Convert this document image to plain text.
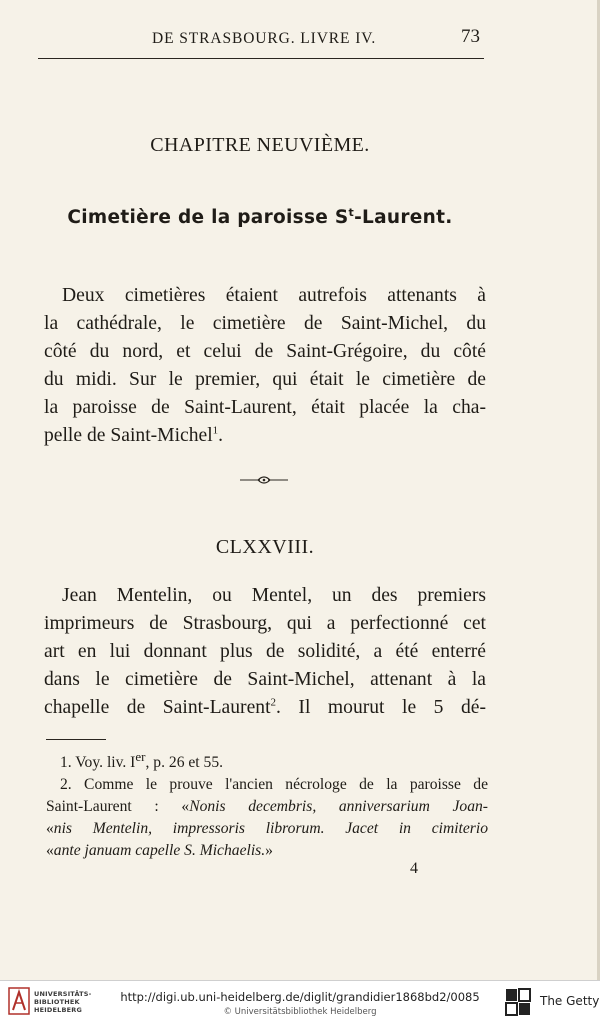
DE STRASBOURG. LIVRE IV.	73
CHAPITRE NEUVIÈME.
Cimetière de la paroisse $S^t$-Laurent.

Deux cimetières étaient autrefois attenants à
la cathédrale, le cimetière de Saint-Michel, du
côté du nord, et celui de Saint-Grégoire, du côté
du midi. Sur le premier, qui était le cimetière de
la paroisse de Saint-Laurent, était placée la cha-
pelle de Saint-Michel$^1$.

CLXXVIII.

Jean Mentelin, ou Mentel, un des premiers
imprimeurs de Strasbourg, qui a perfectionné cet
art en lui donnant plus de solidité, a été enterré
dans le cimetière de Saint-Michel, attenant à la
chapelle de Saint-Laurent$^2$. Il mourut le 5 dé-

1. Voy. liv. Ier, p. 26 et 55.
2. Comme le prouve l'ancien nécrologe de la paroisse de
Saint-Laurent : «Nonis decembris, anniversarium Joan-
«nis Mentelin, impressoris librorum. Jacet in cimiterio
«ante januam capelle S. Michaelis.»
4
UNIVERSITÄTS-
BIBLIOTHEK
HEIDELBERG
http://digi.ub.uni-heidelberg.de/diglit/grandidier1868bd2/0085
© Universitätsbibliothek Heidelberg
The Getty
